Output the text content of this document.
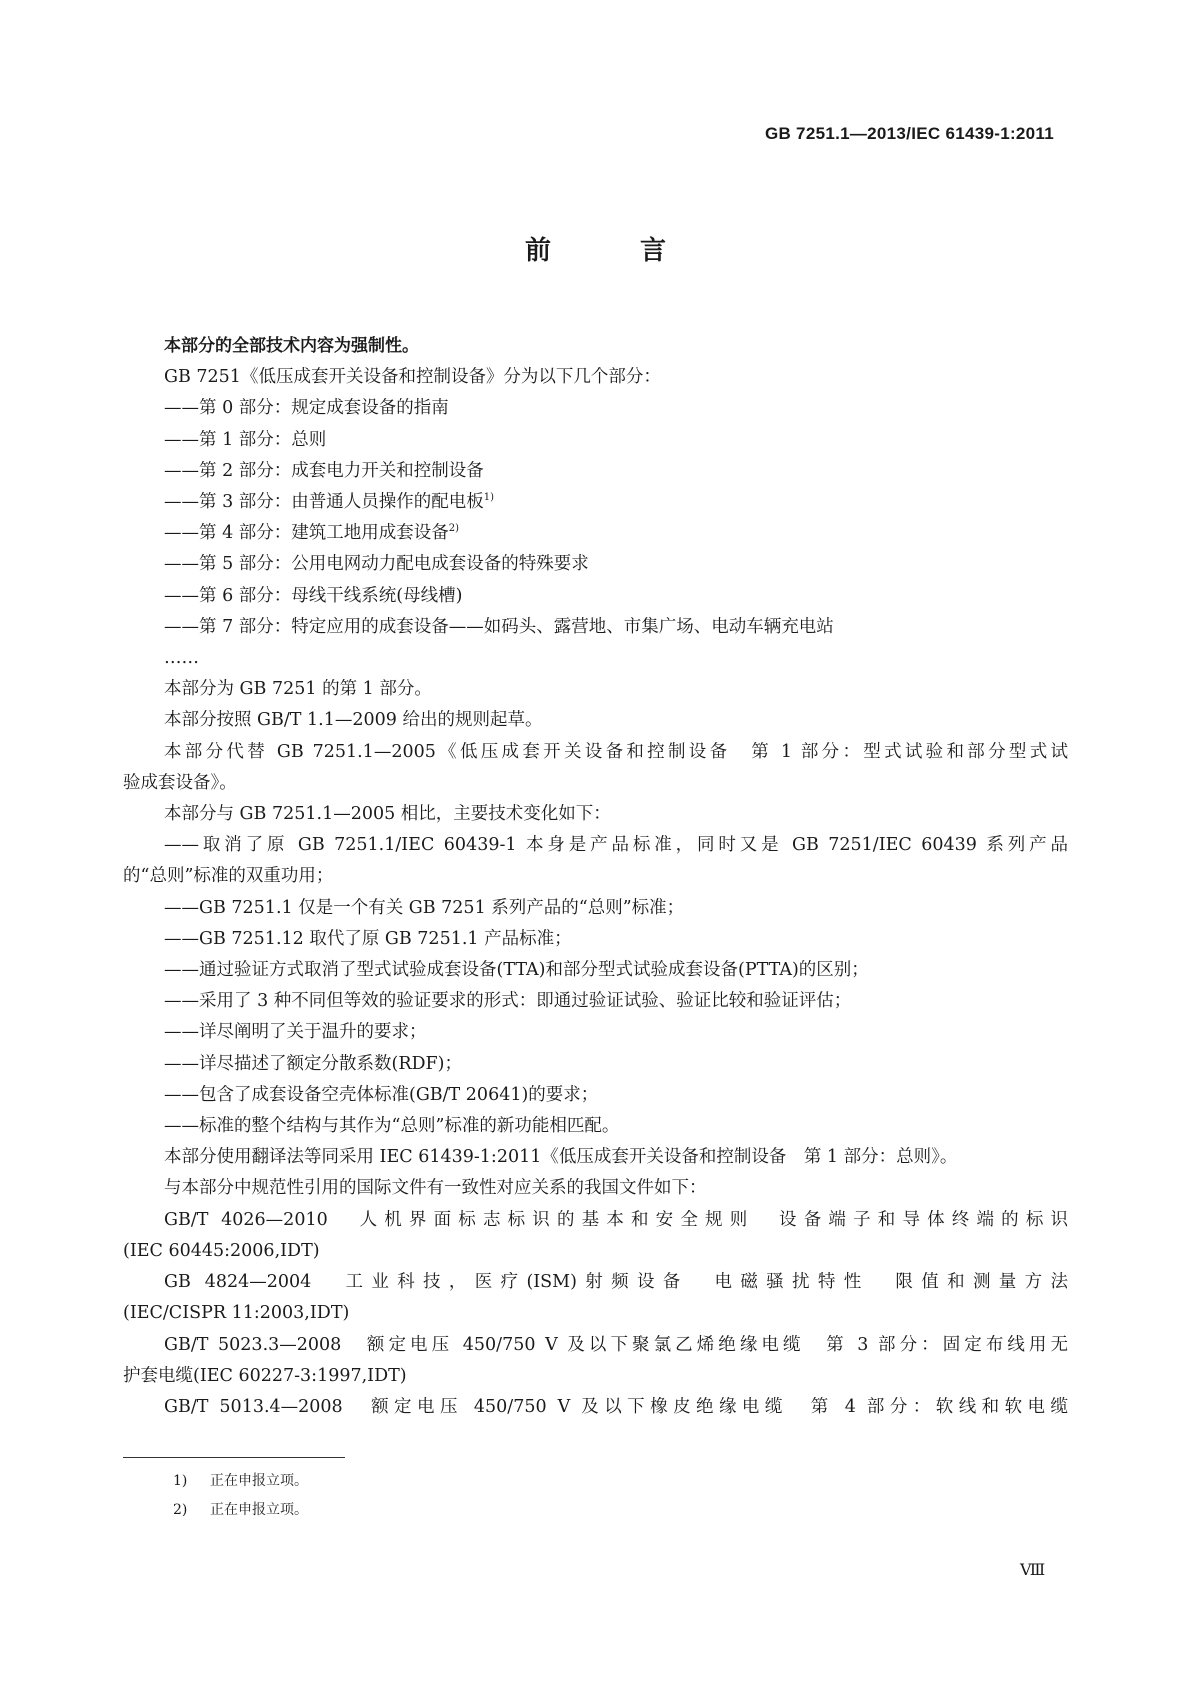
GB 7251.1—2013/IEC 61439-1:2011
前 言
本部分的全部技术内容为强制性。
GB 7251《低压成套开关设备和控制设备》分为以下几个部分：
——第 0 部分：规定成套设备的指南
——第 1 部分：总则
——第 2 部分：成套电力开关和控制设备
——第 3 部分：由普通人员操作的配电板$^{1)}$
——第 4 部分：建筑工地用成套设备$^{2)}$
——第 5 部分：公用电网动力配电成套设备的特殊要求
——第 6 部分：母线干线系统(母线槽)
——第 7 部分：特定应用的成套设备——如码头、露营地、市集广场、电动车辆充电站
……
本部分为 GB 7251 的第 1 部分。
本部分按照 GB/T 1.1—2009 给出的规则起草。
本部分代替 GB 7251.1—2005《低压成套开关设备和控制设备　第 1 部分：型式试验和部分型式试
验成套设备》。
本部分与 GB 7251.1—2005 相比，主要技术变化如下：
——取消了原 GB 7251.1/IEC 60439-1 本身是产品标准，同时又是 GB 7251/IEC 60439 系列产品
的“总则”标准的双重功用；
——GB 7251.1 仅是一个有关 GB 7251 系列产品的“总则”标准；
——GB 7251.12 取代了原 GB 7251.1 产品标准；
——通过验证方式取消了型式试验成套设备(TTA)和部分型式试验成套设备(PTTA)的区别；
——采用了 3 种不同但等效的验证要求的形式：即通过验证试验、验证比较和验证评估；
——详尽阐明了关于温升的要求；
——详尽描述了额定分散系数(RDF)；
——包含了成套设备空壳体标准(GB/T 20641)的要求；
——标准的整个结构与其作为“总则”标准的新功能相匹配。
本部分使用翻译法等同采用 IEC 61439-1:2011《低压成套开关设备和控制设备　第 1 部分：总则》。
与本部分中规范性引用的国际文件有一致性对应关系的我国文件如下：
GB/T 4026—2010　人机界面标志标识的基本和安全规则　设备端子和导体终端的标识
(IEC 60445:2006,IDT)
GB 4824—2004　工业科技，医疗(ISM)射频设备　电磁骚扰特性　限值和测量方法
(IEC/CISPR 11:2003,IDT)
GB/T 5023.3—2008　额定电压 450/750 V 及以下聚氯乙烯绝缘电缆　第 3 部分：固定布线用无
护套电缆(IEC 60227-3:1997,IDT)
GB/T 5013.4—2008　额定电压 450/750 V 及以下橡皮绝缘电缆　第 4 部分：软线和软电缆
1) 正在申报立项。
2) 正在申报立项。
Ⅷ
